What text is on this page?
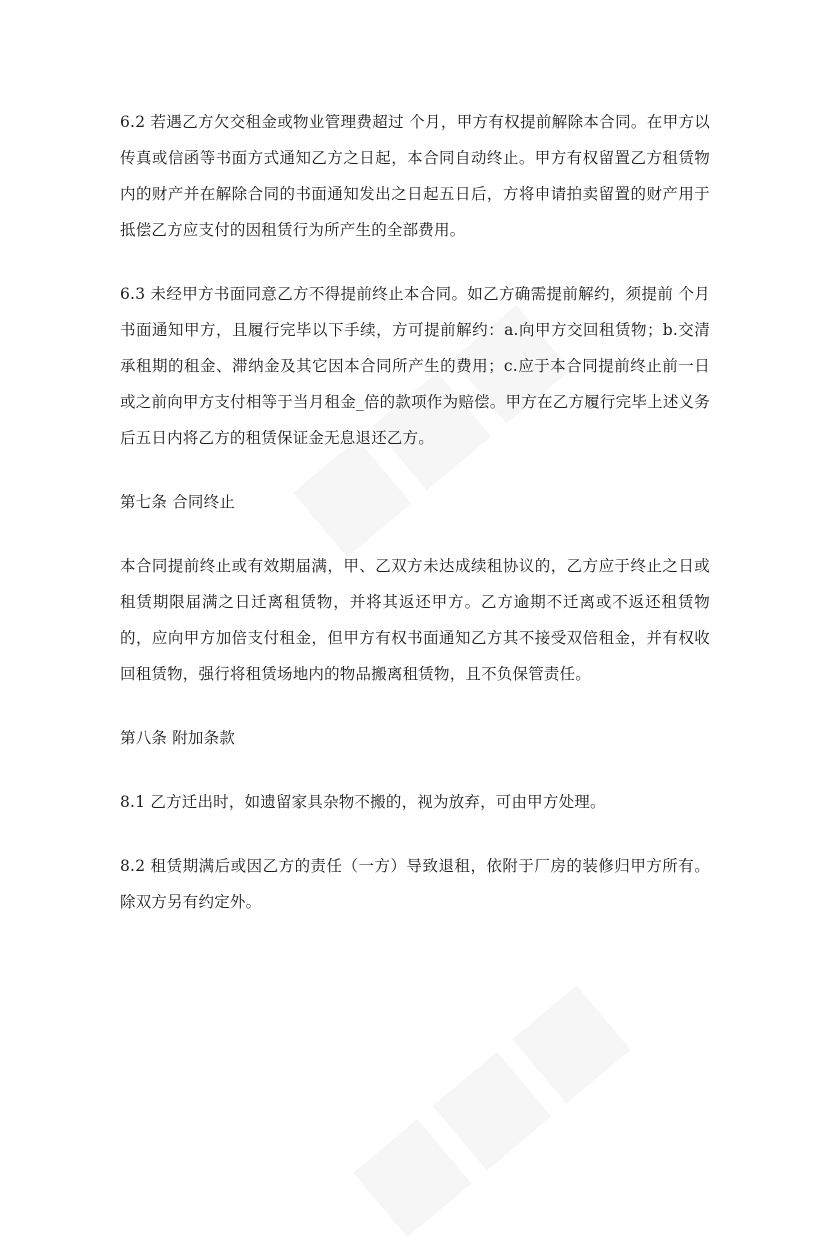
6.2 若遇乙方欠交租金或物业管理费超过 个月，甲方有权提前解除本合同。在甲方以传真或信函等书面方式通知乙方之日起，本合同自动终止。甲方有权留置乙方租赁物内的财产并在解除合同的书面通知发出之日起五日后，方将申请拍卖留置的财产用于抵偿乙方应支付的因租赁行为所产生的全部费用。

6.3 未经甲方书面同意乙方不得提前终止本合同。如乙方确需提前解约，须提前 个月书面通知甲方，且履行完毕以下手续，方可提前解约：a.向甲方交回租赁物；b.交清承租期的租金、滞纳金及其它因本合同所产生的费用；c.应于本合同提前终止前一日或之前向甲方支付相等于当月租金_倍的款项作为赔偿。甲方在乙方履行完毕上述义务后五日内将乙方的租赁保证金无息退还乙方。

第七条 合同终止

本合同提前终止或有效期届满，甲、乙双方未达成续租协议的，乙方应于终止之日或租赁期限届满之日迁离租赁物，并将其返还甲方。乙方逾期不迁离或不返还租赁物的，应向甲方加倍支付租金，但甲方有权书面通知乙方其不接受双倍租金，并有权收回租赁物，强行将租赁场地内的物品搬离租赁物，且不负保管责任。

第八条 附加条款

8.1 乙方迁出时，如遗留家具杂物不搬的，视为放弃，可由甲方处理。

8.2 租赁期满后或因乙方的责任（一方）导致退租，依附于厂房的装修归甲方所有。除双方另有约定外。
